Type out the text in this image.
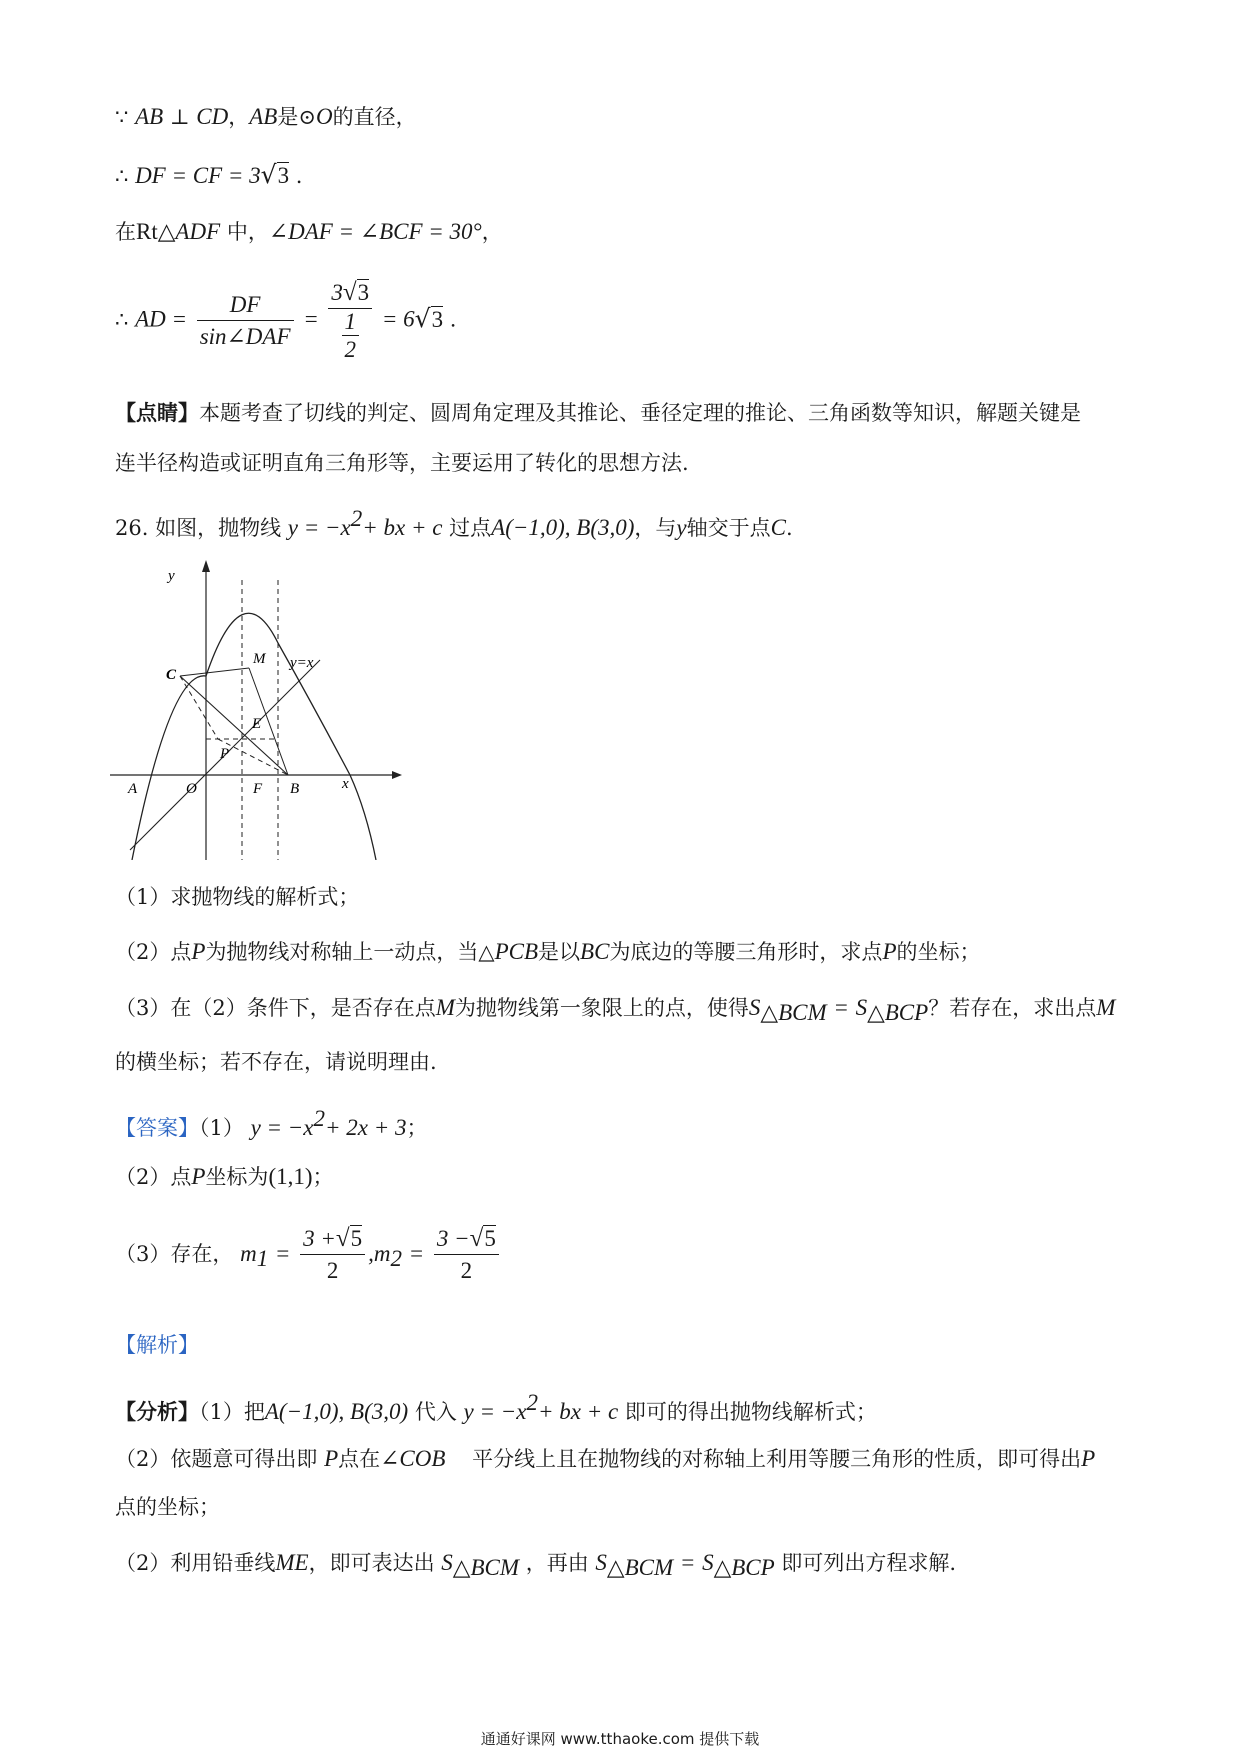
∵ AB ⊥ CD，AB是⊙O的直径，
∴ DF = CF = 3√3 .
在Rt△ADF 中，∠DAF = ∠BCF = 30°，
∴ AD = $\frac{DF}{\text{sin∠DAF}} = \frac{3√3}{\frac{1}{2}} = 6√3$ .
【点睛】本题考查了切线的判定、圆周角定理及其推论、垂径定理的推论、三角函数等知识，解题关键是
连半径构造或证明直角三角形等，主要运用了转化的思想方法.
26. 如图，抛物线 $y = -x^2+$ bx + c 过点A(−1,0), B(3,0)，与y轴交于点C.
y
x
A	O	F B
C
M
E
P
y=x
（1）求抛物线的解析式；
（2）点P为抛物线对称轴上一动点，当△PCB是以BC为底边的等腰三角形时，求点P的坐标；
（3）在（2）条件下，是否存在点M为抛物线第一象限上的点，使得$S_{\triangle BCM} = S_{\triangle BCP}$？若存在，求出点M
的横坐标；若不存在，请说明理由.
【答案】（1） $y = -x^2+ 2x + 3$；
（2）点P坐标为(1,1)；
（3）存在， $m_1 = \frac{3 +√5}{2} ,m_2 = \frac{3 -√5}{2}$
【解析】
【分析】（1）把A(−1,0), B(3,0) 代入 $y = -x^2+$ bx + c 即可的得出抛物线解析式；
（2）依题意可得出即 P点在∠COB 平分线上且在抛物线的对称轴上利用等腰三角形的性质，即可得出P
点的坐标；
（2）利用铅垂线ME，即可表达出 $S_{\triangle BCM}$ ，再由 $S_{\triangle BCM} = S_{\triangle BCP}$ 即可列出方程求解.
通通好课网 www.tthaoke.com 提供下载
